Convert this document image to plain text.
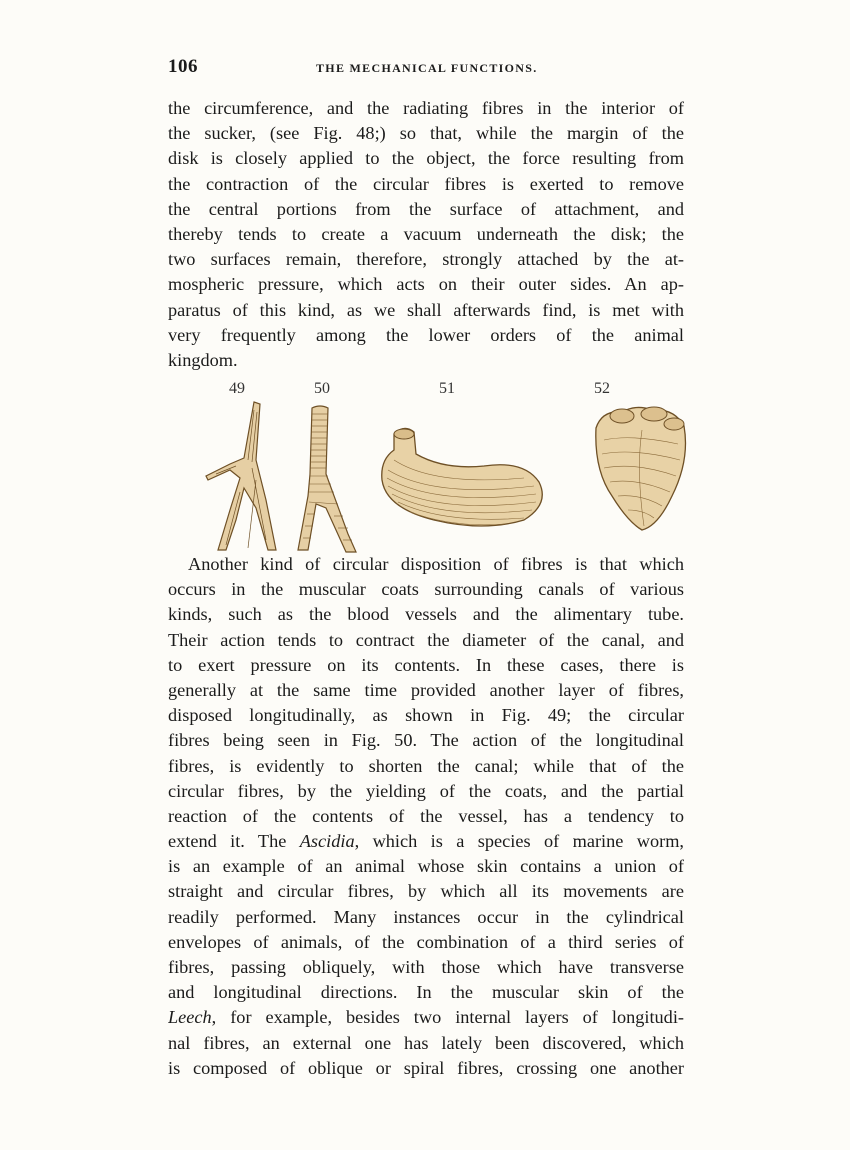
106	THE MECHANICAL FUNCTIONS.
the circumference, and the radiating fibres in the interior of
the sucker, (see Fig. 48;) so that, while the margin of the
disk is closely applied to the object, the force resulting from
the contraction of the circular fibres is exerted to remove
the central portions from the surface of attachment, and
thereby tends to create a vacuum underneath the disk; the
two surfaces remain, therefore, strongly attached by the at-
mospheric pressure, which acts on their outer sides. An ap-
paratus of this kind, as we shall afterwards find, is met with
very frequently among the lower orders of the animal
kingdom.
49	50	51	52
Another kind of circular disposition of fibres is that which
occurs in the muscular coats surrounding canals of various
kinds, such as the blood vessels and the alimentary tube.
Their action tends to contract the diameter of the canal, and
to exert pressure on its contents. In these cases, there is
generally at the same time provided another layer of fibres,
disposed longitudinally, as shown in Fig. 49; the circular
fibres being seen in Fig. 50. The action of the longitudinal
fibres, is evidently to shorten the canal; while that of the
circular fibres, by the yielding of the coats, and the partial
reaction of the contents of the vessel, has a tendency to
extend it. The Ascidia, which is a species of marine worm,
is an example of an animal whose skin contains a union of
straight and circular fibres, by which all its movements are
readily performed. Many instances occur in the cylindrical
envelopes of animals, of the combination of a third series of
fibres, passing obliquely, with those which have transverse
and longitudinal directions. In the muscular skin of the
Leech, for example, besides two internal layers of longitudi-
nal fibres, an external one has lately been discovered, which
is composed of oblique or spiral fibres, crossing one another
